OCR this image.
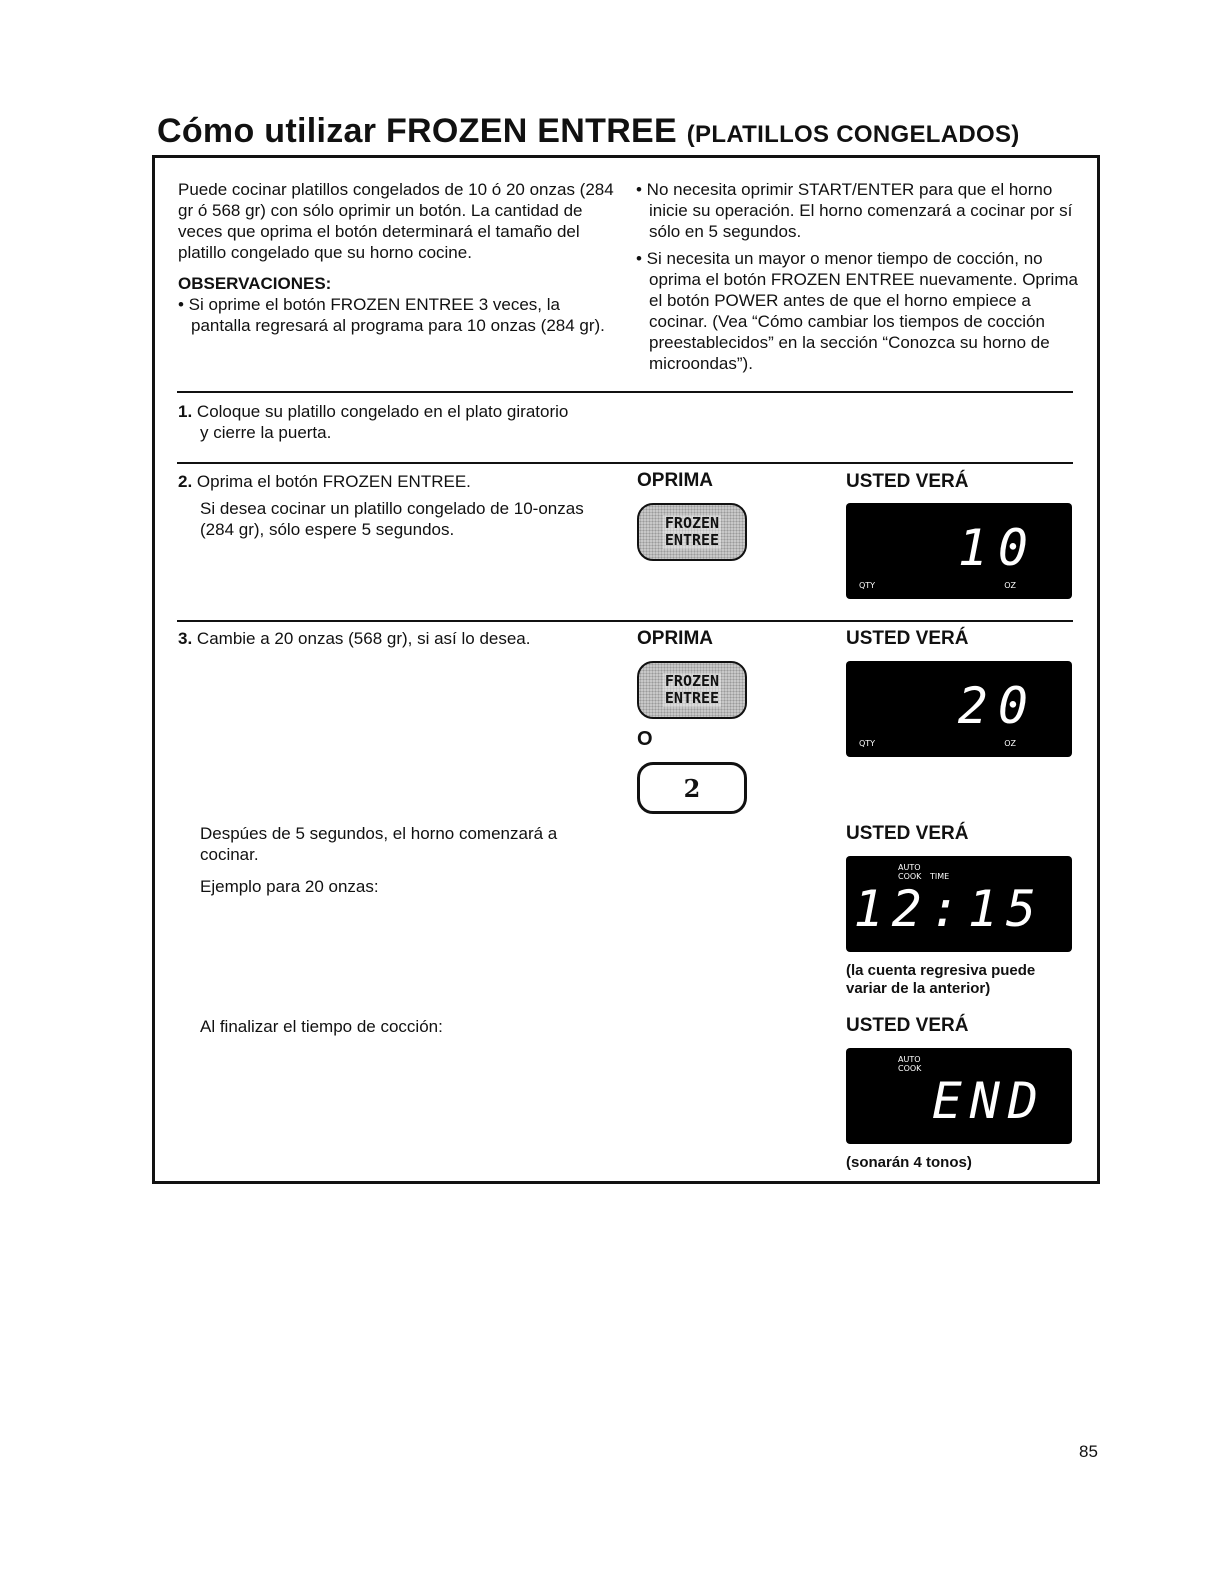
Cómo utilizar FROZEN ENTREE (PLATILLOS CONGELADOS)
Puede cocinar platillos congelados de 10 ó 20 onzas (284 gr ó 568 gr) con sólo oprimir un botón. La cantidad de veces que oprima el botón determinará el tamaño del platillo congelado que su horno cocine.
OBSERVACIONES:

• Si oprime el botón FROZEN ENTREE 3 veces, la pantalla regresará al programa para 10 onzas (284 gr).

• No necesita oprimir START/ENTER para que el horno inicie su operación. El horno comenzará a cocinar por sí sólo en 5 segundos.

• Si necesita un mayor o menor tiempo de cocción, no oprima el botón FROZEN ENTREE nuevamente. Oprima el botón POWER antes de que el horno empiece a cocinar. (Vea “Cómo cambiar los tiempos de cocción preestablecidos” en la sección “Conozca su horno de microondas”).

1. Coloque su platillo congelado en el plato giratorio
y cierre la puerta.
2. Oprima el botón FROZEN ENTREE.
Si desea cocinar un platillo congelado de 10-onzas (284 gr), sólo espere 5 segundos.
OPRIMA	USTED VERÁ
FROZEN
ENTREE	10
QTY	OZ
3. Cambie a 20 onzas (568 gr), si así lo desea.	OPRIMA	USTED VERÁ
FROZEN
ENTREE
O
2
20
QTY	OZ
Despúes de 5 segundos, el horno comenzará a cocinar.
Ejemplo para 20 onzas:
USTED VERÁ
AUTO
COOK TIME
12:15
(la cuenta regresiva puede variar de la anterior)
Al finalizar el tiempo de cocción:	USTED VERÁ
AUTO
COOK
END
(sonarán 4 tonos)
85
